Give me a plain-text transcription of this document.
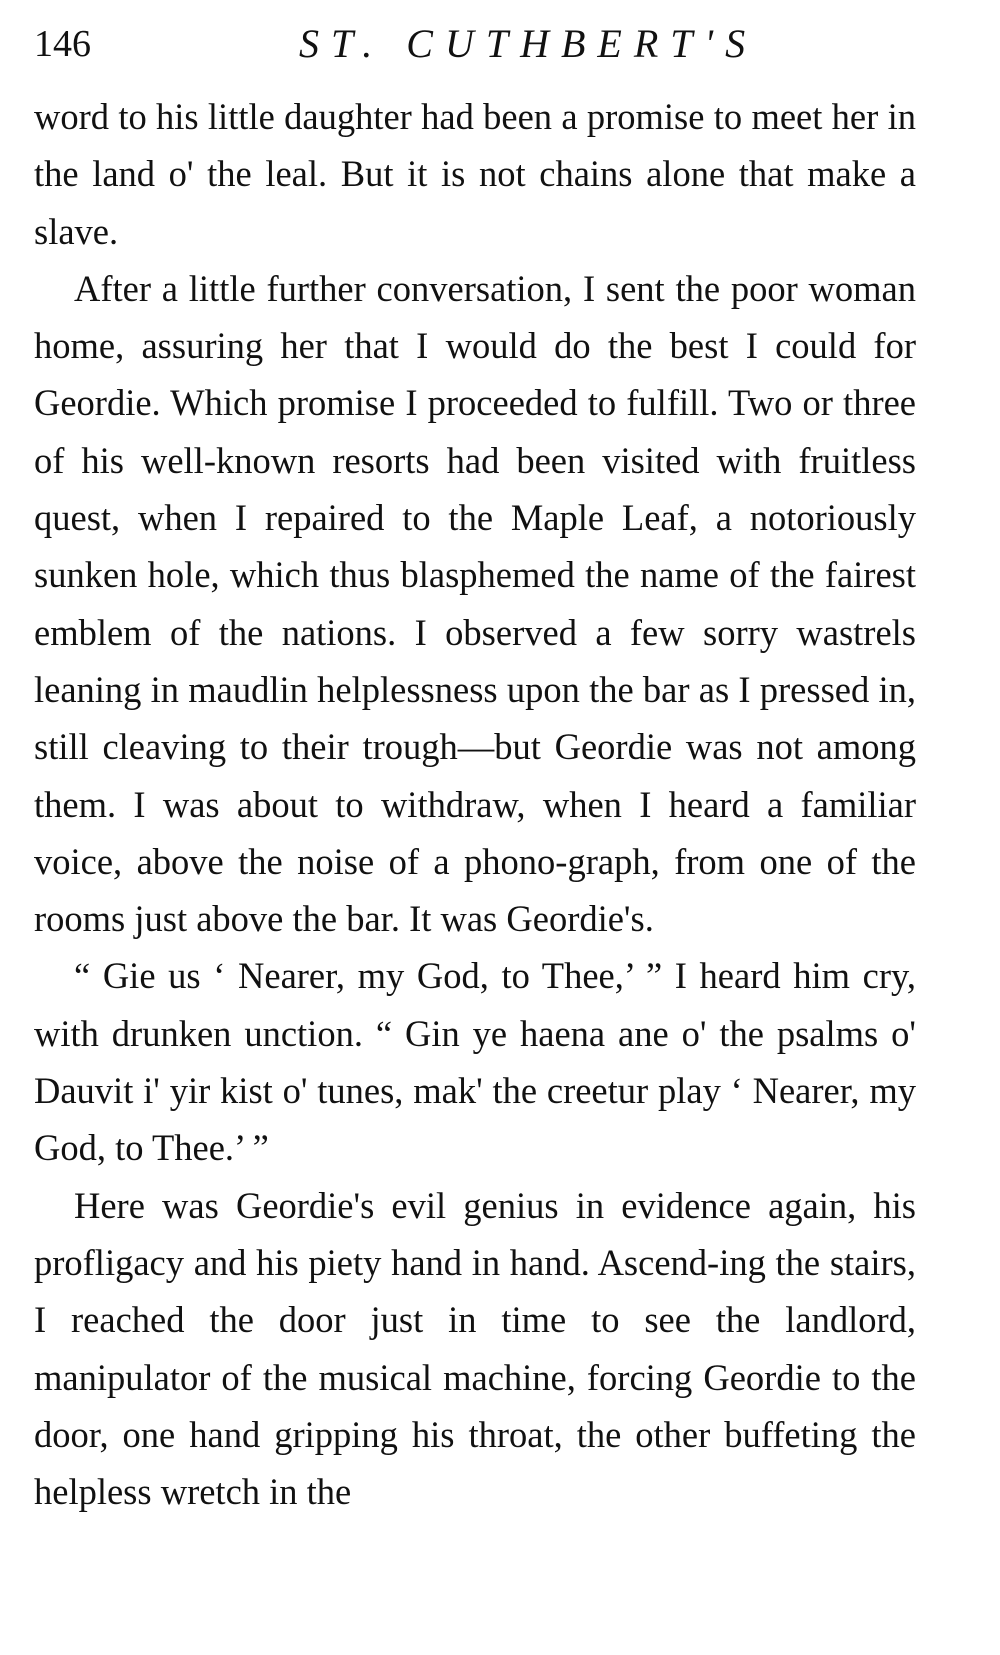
146	ST. CUTHBERT'S

word to his little daughter had been a promise to meet her in the land o' the leal. But it is not chains alone that make a slave.

After a little further conversation, I sent the poor woman home, assuring her that I would do the best I could for Geordie. Which promise I proceeded to fulfill. Two or three of his well-known resorts had been visited with fruitless quest, when I repaired to the Maple Leaf, a notoriously sunken hole, which thus blasphemed the name of the fairest emblem of the nations. I observed a few sorry wastrels leaning in maudlin helplessness upon the bar as I pressed in, still cleaving to their trough—but Geordie was not among them. I was about to withdraw, when I heard a familiar voice, above the noise of a phono-graph, from one of the rooms just above the bar. It was Geordie's.

“ Gie us ‘ Nearer, my God, to Thee,’ ” I heard him cry, with drunken unction. “ Gin ye haena ane o' the psalms o' Dauvit i' yir kist o' tunes, mak' the creetur play ‘ Nearer, my God, to Thee.’ ”

Here was Geordie's evil genius in evidence again, his profligacy and his piety hand in hand. Ascend-ing the stairs, I reached the door just in time to see the landlord, manipulator of the musical machine, forcing Geordie to the door, one hand gripping his throat, the other buffeting the helpless wretch in the
